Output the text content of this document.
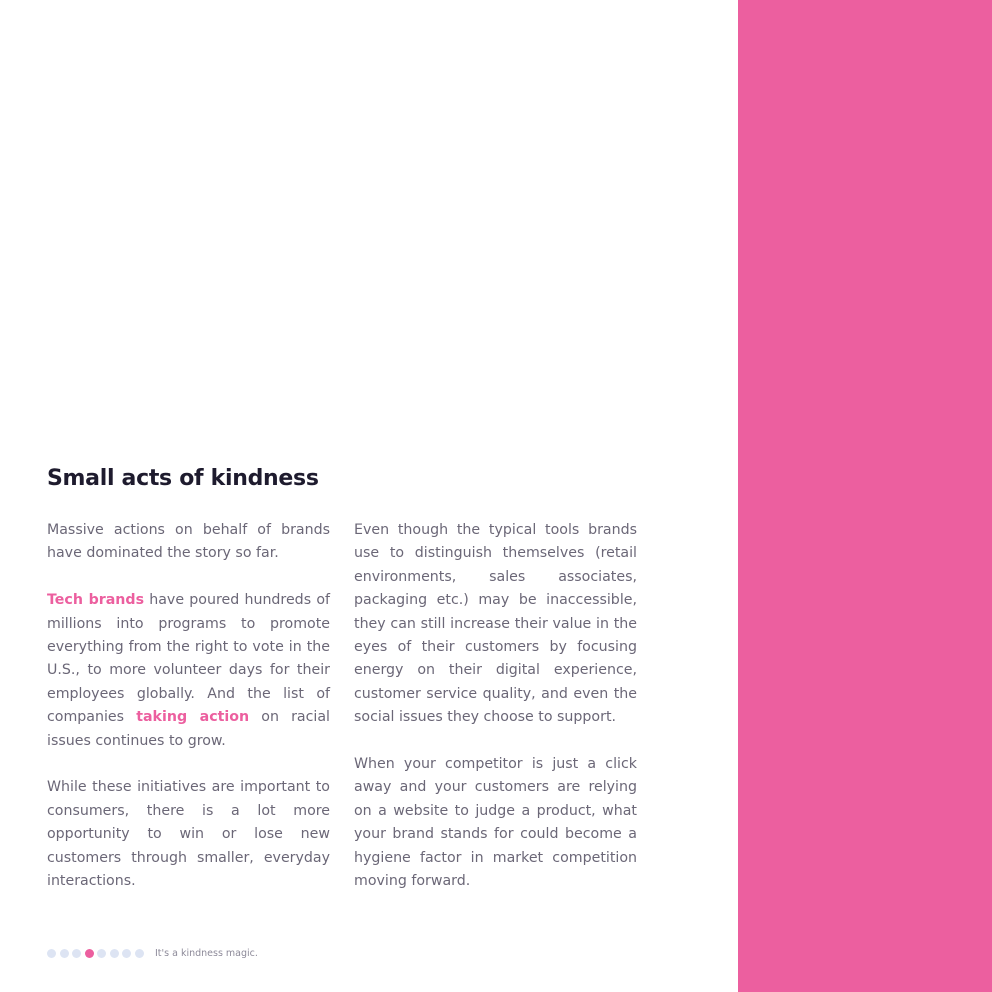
Small acts of kindness

Massive actions on behalf of brands have dominated the story so far.

Tech brands have poured hundreds of millions into programs to promote everything from the right to vote in the U.S., to more volunteer days for their employees globally. And the list of companies taking action on racial issues continues to grow.

While these initiatives are important to consumers, there is a lot more opportunity to win or lose new customers through smaller, everyday interactions.

Even though the typical tools brands use to distinguish themselves (retail environments, sales associates, packaging etc.) may be inaccessible, they can still increase their value in the eyes of their customers by focusing energy on their digital experience, customer service quality, and even the social issues they choose to support.

When your competitor is just a click away and your customers are relying on a website to judge a product, what your brand stands for could become a hygiene factor in market competition moving forward.

It's a kindness magic.
